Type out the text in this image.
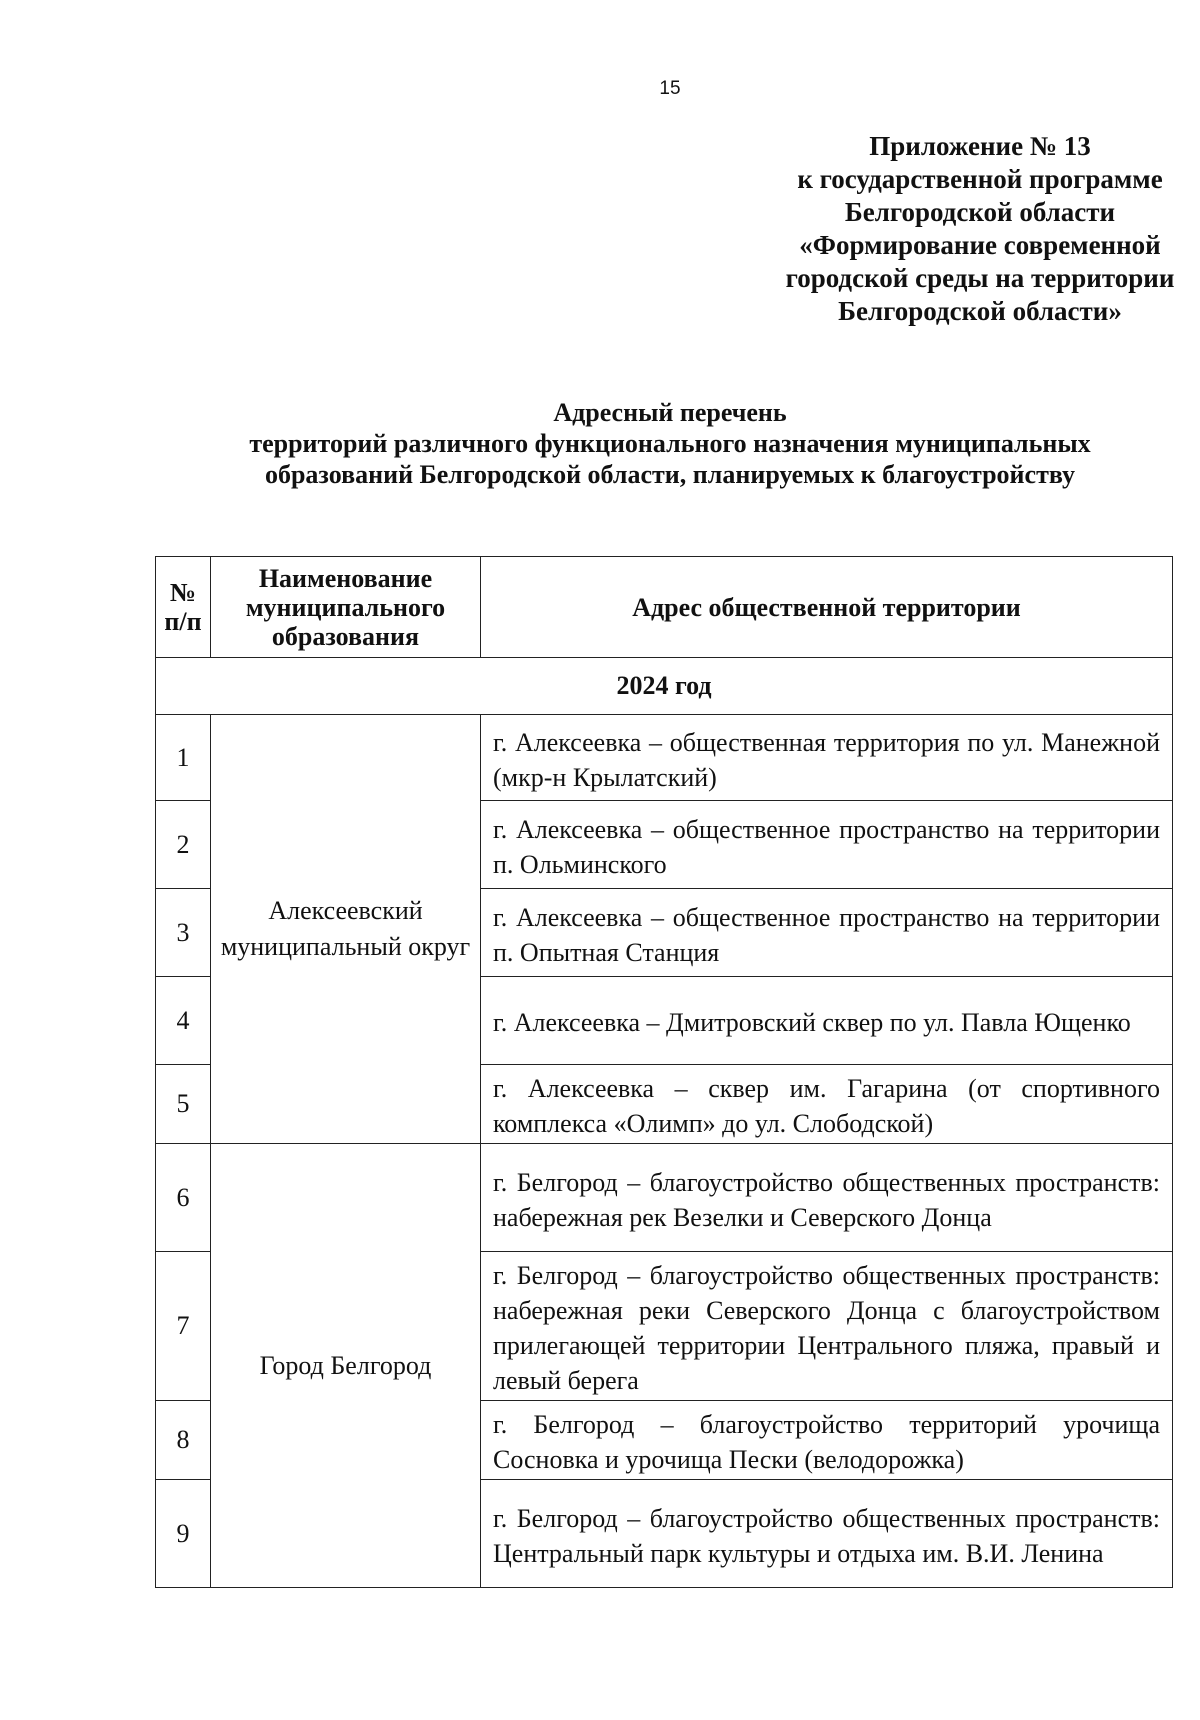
15
Приложение № 13
к государственной программе
Белгородской области
«Формирование современной
городской среды на территории
Белгородской области»
Адресный перечень
территорий различного функционального назначения муниципальных
образований Белгородской области, планируемых к благоустройству
№ п/п	Наименование муниципального образования	Адрес общественной территории
2024 год		
1	Алексеевский муниципальный округ	г. Алексеевка – общественная территория по ул. Манежной (мкр-н Крылатский)
2		г. Алексеевка – общественное пространство на территории п. Ольминского
3		г. Алексеевка – общественное пространство на территории п. Опытная Станция
4		г. Алексеевка – Дмитровский сквер по ул. Павла Ющенко
5		г. Алексеевка – сквер им. Гагарина (от спортивного комплекса «Олимп» до ул. Слободской)
6	Город Белгород	г. Белгород – благоустройство общественных пространств: набережная рек Везелки и Северского Донца
7		г. Белгород – благоустройство общественных пространств: набережная реки Северского Донца с благоустройством прилегающей территории Центрального пляжа, правый и левый берега
8		г. Белгород – благоустройство территорий урочища Сосновка и урочища Пески (велодорожка)
9		г. Белгород – благоустройство общественных пространств: Центральный парк культуры и отдыха им. В.И. Ленина
